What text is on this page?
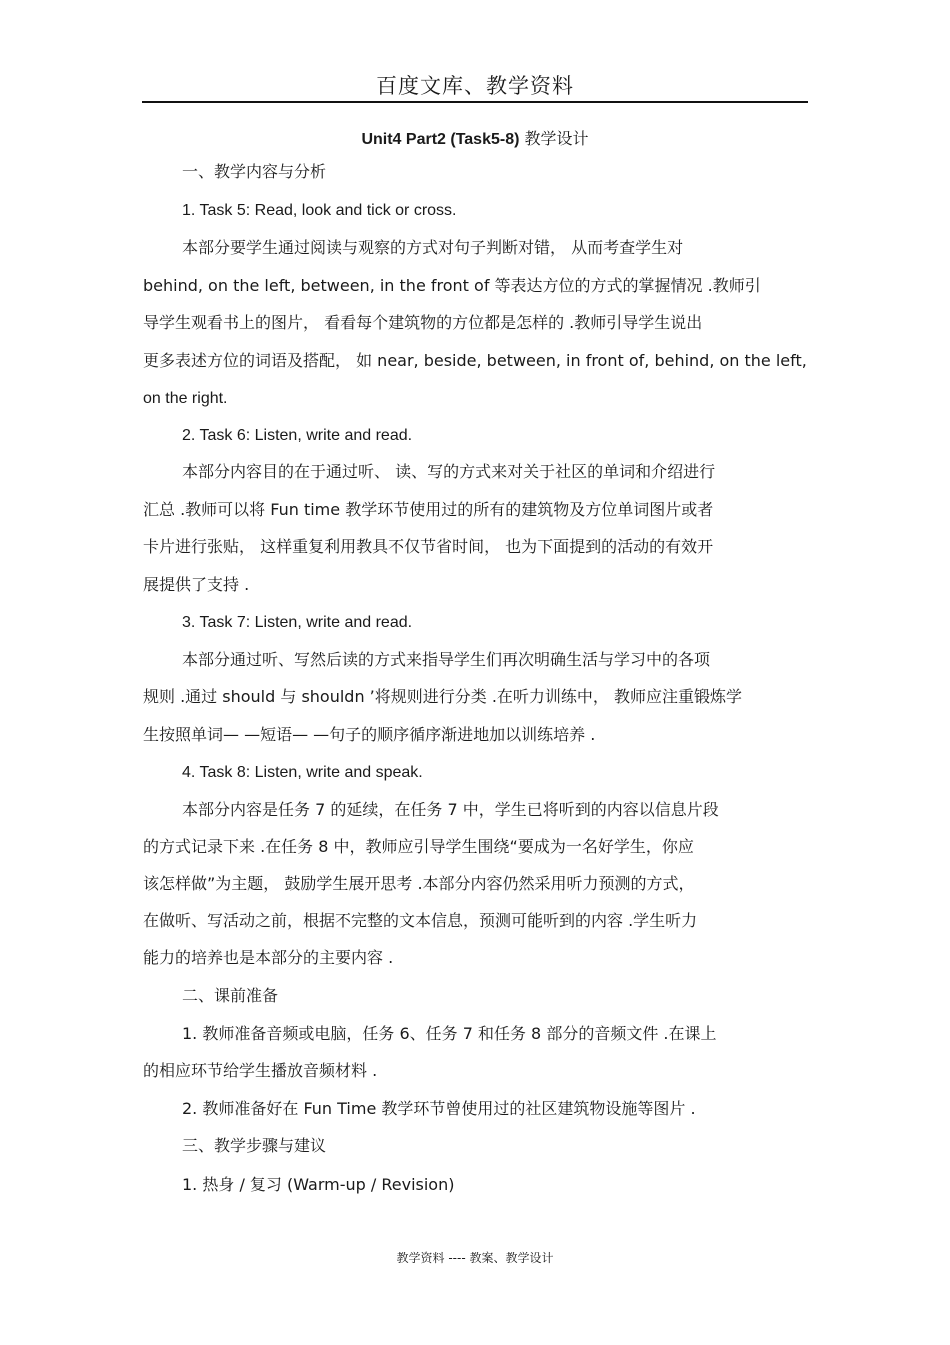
百度文库、教学资料
Unit4 Part2 (Task5-8) 教学设计
一、教学内容与分析
1. Task 5: Read, look and tick or cross.
本部分要学生通过阅读与观察的方式对句子判断对错， 从而考查学生对
behind, on the left, between, in the front of 等表达方位的方式的掌握情况 .教师引
导学生观看书上的图片， 看看每个建筑物的方位都是怎样的 .教师引导学生说出
更多表述方位的词语及搭配， 如 near, beside, between, in front of, behind, on the left,
on the right.
2. Task 6: Listen, write and read.
本部分内容目的在于通过听、 读、写的方式来对关于社区的单词和介绍进行
汇总 .教师可以将 Fun time 教学环节使用过的所有的建筑物及方位单词图片或者
卡片进行张贴， 这样重复利用教具不仅节省时间， 也为下面提到的活动的有效开
展提供了支持 .
3. Task 7: Listen, write and read.
本部分通过听、写然后读的方式来指导学生们再次明确生活与学习中的各项
规则 .通过 should 与 shouldn ’将规则进行分类 .在听力训练中， 教师应注重锻炼学
生按照单词— —短语— —句子的顺序循序渐进地加以训练培养 .
4. Task 8: Listen, write and speak.
本部分内容是任务 7 的延续，在任务 7 中，学生已将听到的内容以信息片段
的方式记录下来 .在任务 8 中，教师应引导学生围绕“要成为一名好学生，你应
该怎样做”为主题， 鼓励学生展开思考 .本部分内容仍然采用听力预测的方式，
在做听、写活动之前，根据不完整的文本信息，预测可能听到的内容 .学生听力
能力的培养也是本部分的主要内容 .
二、课前准备
1. 教师准备音频或电脑，任务 6、任务 7 和任务 8 部分的音频文件 .在课上
的相应环节给学生播放音频材料 .
2. 教师准备好在 Fun Time 教学环节曾使用过的社区建筑物设施等图片 .
三、教学步骤与建议
1. 热身 / 复习 (Warm-up / Revision)
教学资料 ---- 教案、教学设计
